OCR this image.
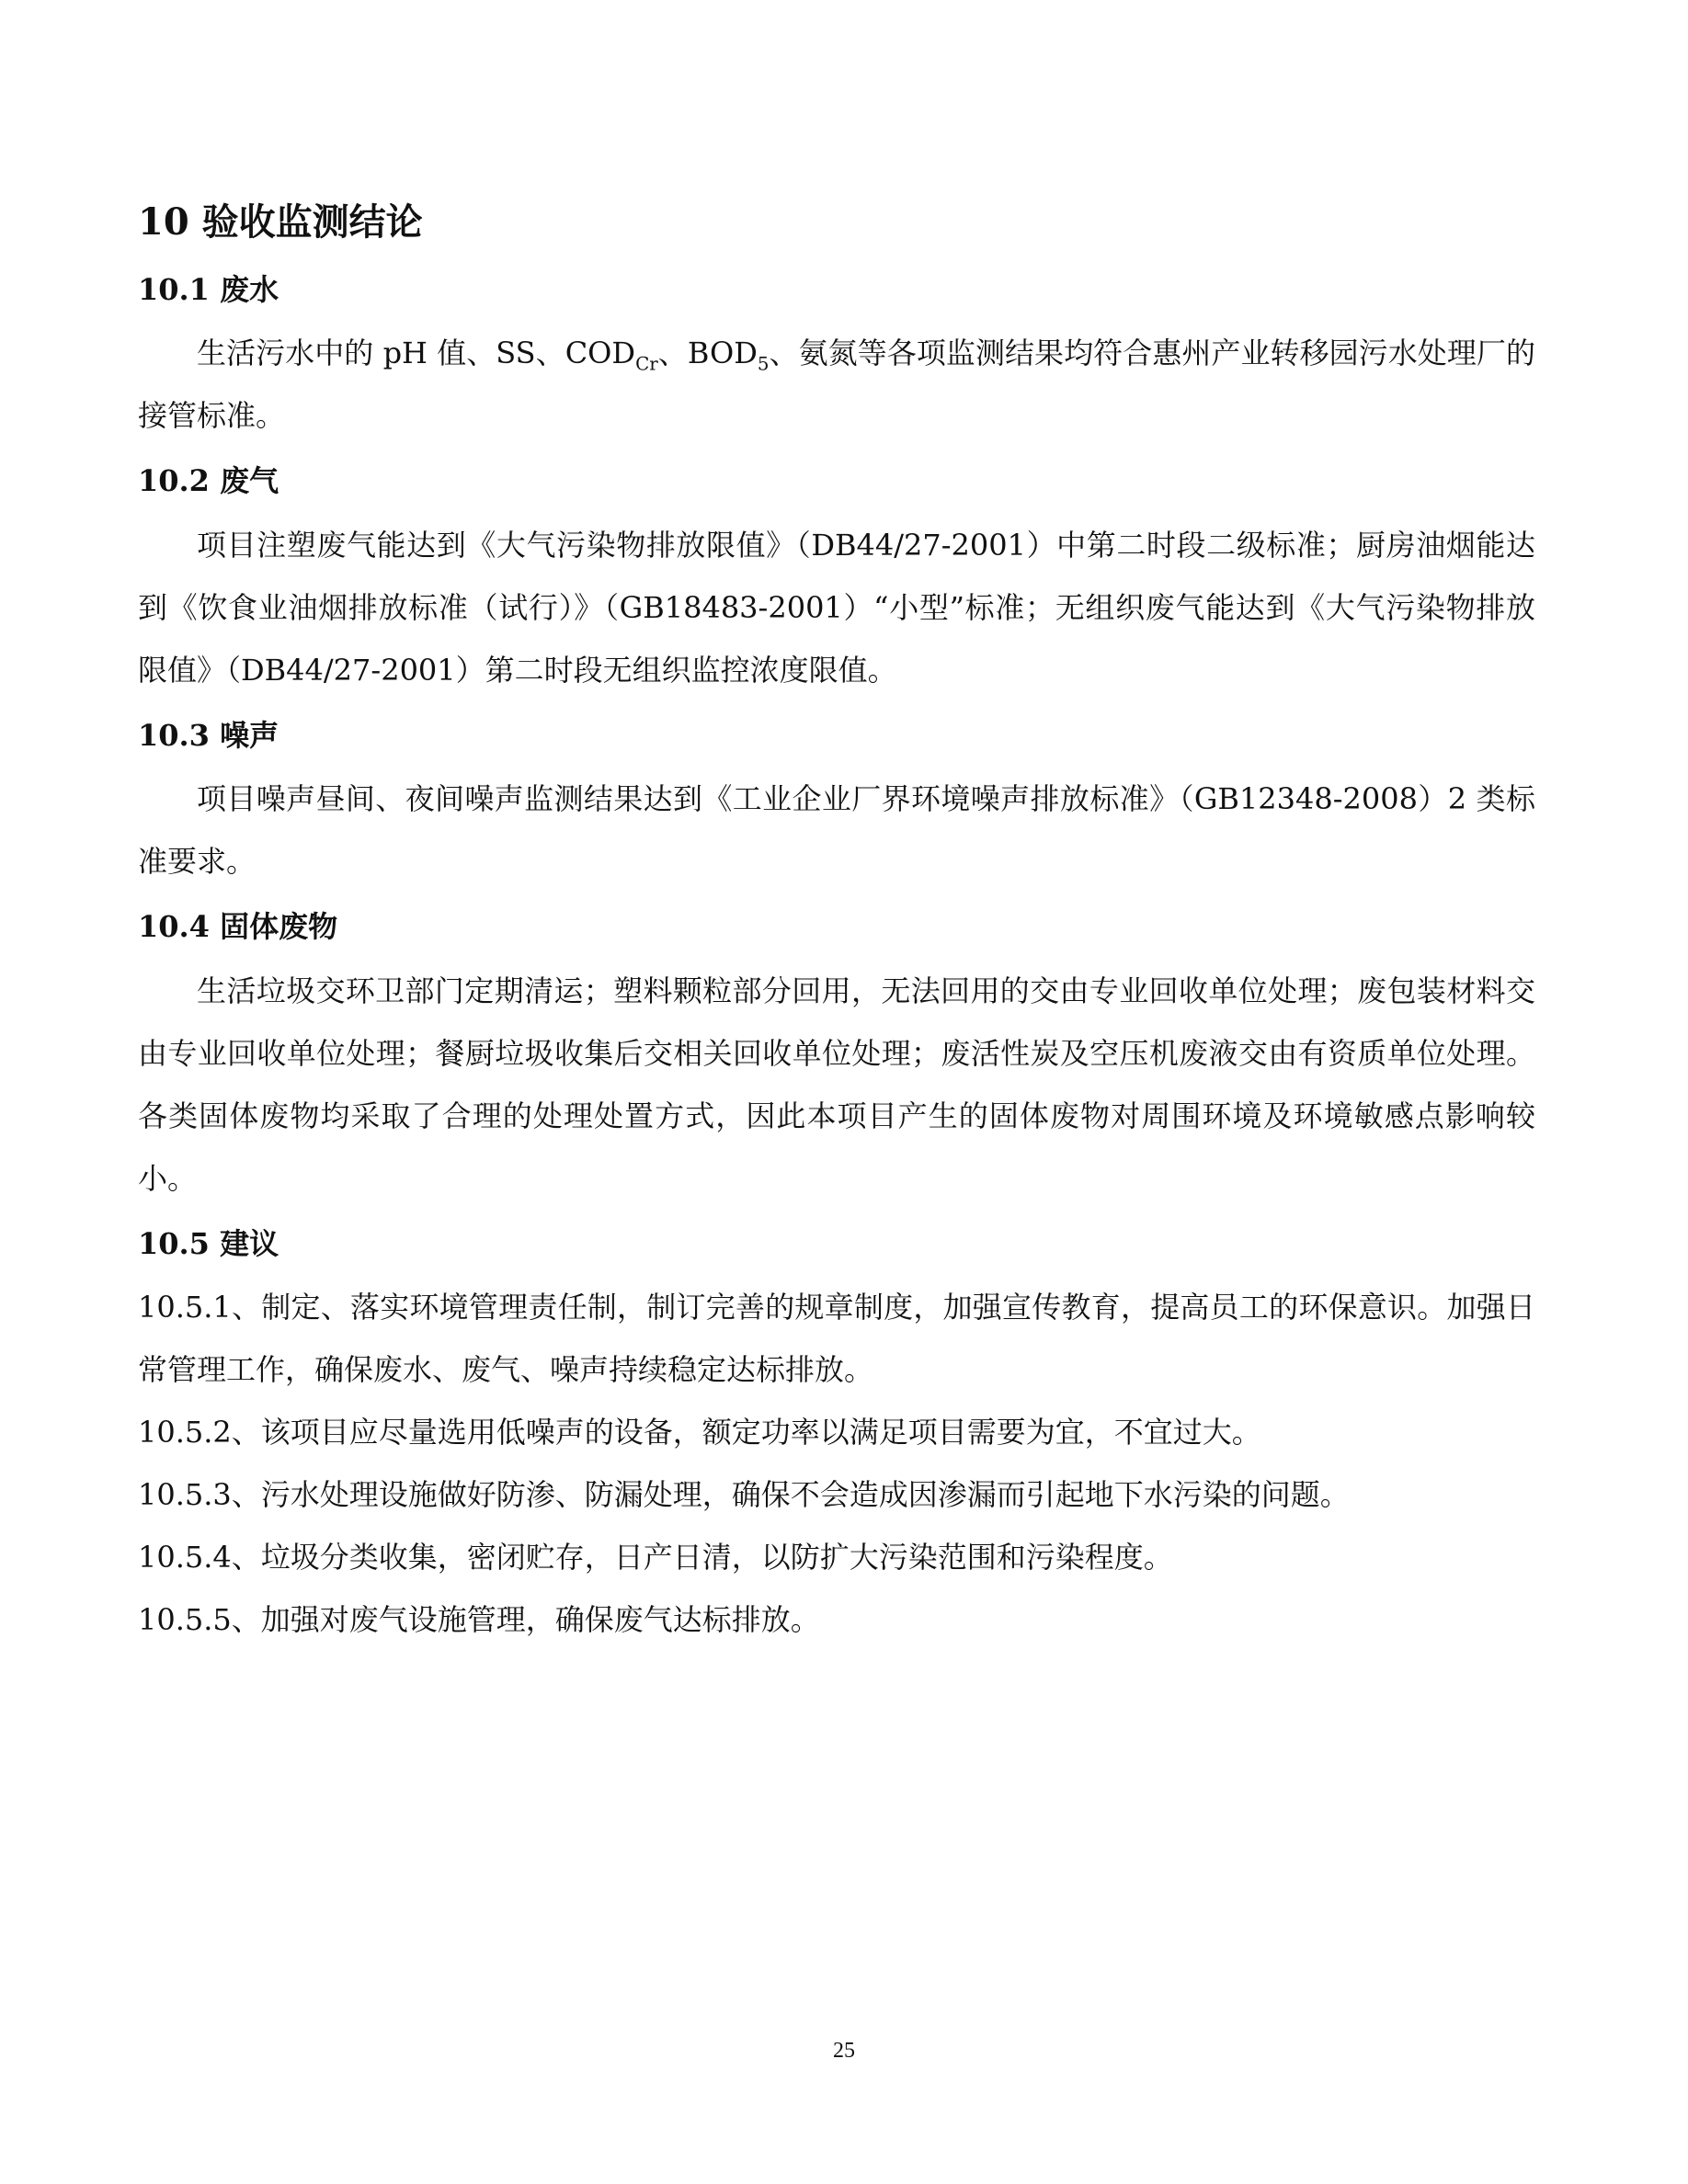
10 验收监测结论
10.1 废水

生活污水中的 pH 值、SS、$COD_{Cr}$、$BOD_5$、氨氮等各项监测结果均符合惠州产业转移园污水处理厂的接管标准。

10.2 废气

项目注塑废气能达到《大气污染物排放限值》（DB44/27-2001）中第二时段二级标准；厨房油烟能达到《饮食业油烟排放标准（试行）》（GB18483-2001）“小型”标准；无组织废气能达到《大气污染物排放限值》（DB44/27-2001）第二时段无组织监控浓度限值。

10.3 噪声

项目噪声昼间、夜间噪声监测结果达到《工业企业厂界环境噪声排放标准》（GB12348-2008）2 类标准要求。

10.4 固体废物

生活垃圾交环卫部门定期清运；塑料颗粒部分回用，无法回用的交由专业回收单位处理；废包装材料交由专业回收单位处理；餐厨垃圾收集后交相关回收单位处理；废活性炭及空压机废液交由有资质单位处理。各类固体废物均采取了合理的处理处置方式，因此本项目产生的固体废物对周围环境及环境敏感点影响较小。

10.5 建议

10.5.1、制定、落实环境管理责任制，制订完善的规章制度，加强宣传教育，提高员工的环保意识。加强日常管理工作，确保废水、废气、噪声持续稳定达标排放。

10.5.2、该项目应尽量选用低噪声的设备，额定功率以满足项目需要为宜，不宜过大。

10.5.3、污水处理设施做好防渗、防漏处理，确保不会造成因渗漏而引起地下水污染的问题。

10.5.4、垃圾分类收集，密闭贮存，日产日清，以防扩大污染范围和污染程度。

10.5.5、加强对废气设施管理，确保废气达标排放。

25
